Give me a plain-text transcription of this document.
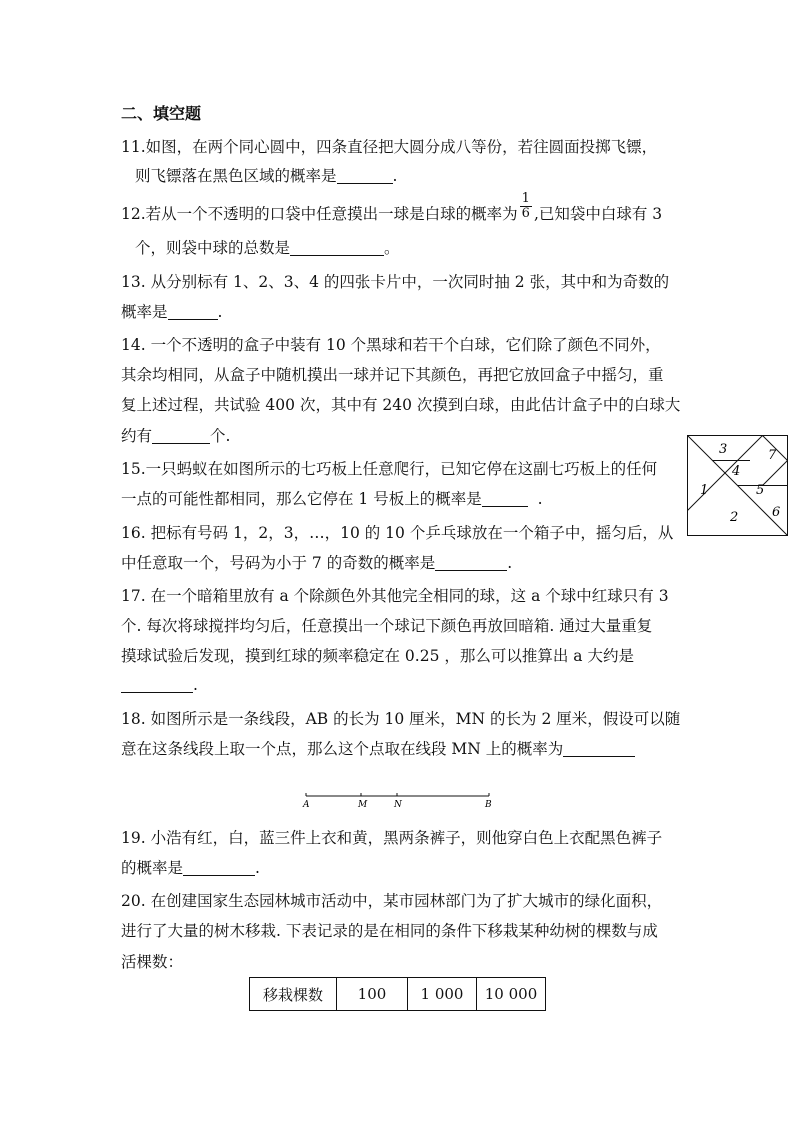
二、填空题
11.如图，在两个同心圆中，四条直径把大圆分成八等份，若往圆面投掷飞镖，
则飞镖落在黑色区域的概率是	.
12.若从一个不透明的口袋中任意摸出一球是白球的概率为 $\frac{1}{6}$ ,已知袋中白球有 3
个，则袋中球的总数是	。
13. 从分别标有 1、2、3、4 的四张卡片中，一次同时抽 2 张，其中和为奇数的
概率是	.
14. 一个不透明的盒子中装有 10 个黑球和若干个白球，它们除了颜色不同外，
其余均相同，从盒子中随机摸出一球并记下其颜色，再把它放回盒子中摇匀，重
复上述过程，共试验 400 次，其中有 240 次摸到白球，由此估计盒子中的白球大
约有	个.
15.一只蚂蚁在如图所示的七巧板上任意爬行，已知它停在这副七巧板上的任何
一点的可能性都相同，那么它停在 1 号板上的概率是	.	1
2
3
4
5
6
7
16. 把标有号码 1，2，3，…，10 的 10 个乒乓球放在一个箱子中，摇匀后，从
中任意取一个，号码为小于 7 的奇数的概率是	.
17. 在一个暗箱里放有 a 个除颜色外其他完全相同的球，这 a 个球中红球只有 3
个. 每次将球搅拌均匀后，任意摸出一个球记下颜色再放回暗箱. 通过大量重复
摸球试验后发现，摸到红球的频率稳定在 0.25 ，那么可以推算出 a 大约是
.
18. 如图所示是一条线段，AB 的长为 10 厘米，MN 的长为 2 厘米，假设可以随
意在这条线段上取一个点，那么这个点取在线段 MN 上的概率为
A	M	N	B
19. 小浩有红，白，蓝三件上衣和黄，黑两条裤子，则他穿白色上衣配黑色裤子
的概率是	.
20. 在创建国家生态园林城市活动中，某市园林部门为了扩大城市的绿化面积，
进行了大量的树木移栽. 下表记录的是在相同的条件下移栽某种幼树的棵数与成
活棵数：
移栽棵数	100	1 000	10 000
